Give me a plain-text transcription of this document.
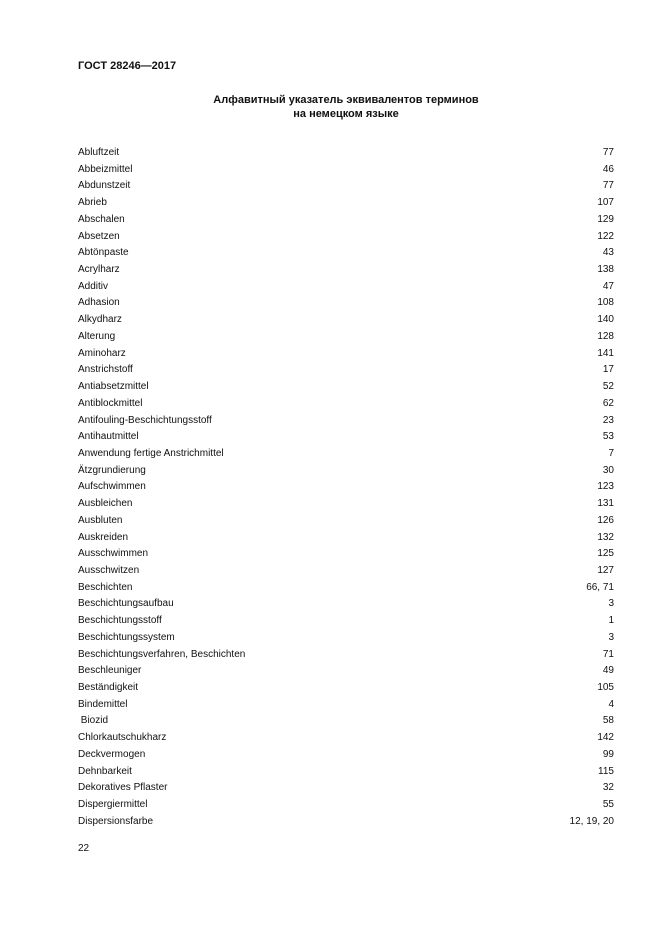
ГОСТ 28246—2017
Алфавитный указатель эквивалентов терминов
на немецком языке
Abluftzeit	77
Abbeizmittel	46
Abdunstzeit	77
Abrieb	107
Abschalen	129
Absetzen	122
Abtönpaste	43
Acrylharz	138
Additiv	47
Adhasion	108
Alkydharz	140
Alterung	128
Aminoharz	141
Anstrichstoff	17
Antiabsetzmittel	52
Antiblockmittel	62
Antifouling-Beschichtungsstoff	23
Antihautmittel	53
Anwendung fertige Anstrichmittel	7
Ätzgrundierung	30
Aufschwimmen	123
Ausbleichen	131
Ausbluten	126
Auskreiden	132
Ausschwimmen	125
Ausschwitzen	127
Beschichten	66, 71
Beschichtungsaufbau	3
Beschichtungsstoff	1
Beschichtungssystem	3
Beschichtungsverfahren, Beschichten	71
Beschleuniger	49
Beständigkeit	105
Bindemittel	4
Biozid	58
Chlorkautschukharz	142
Deckvermogen	99
Dehnbarkeit	115
Dekoratives Pflaster	32
Dispergiermittel	55
Dispersionsfarbe	12, 19, 20
22
